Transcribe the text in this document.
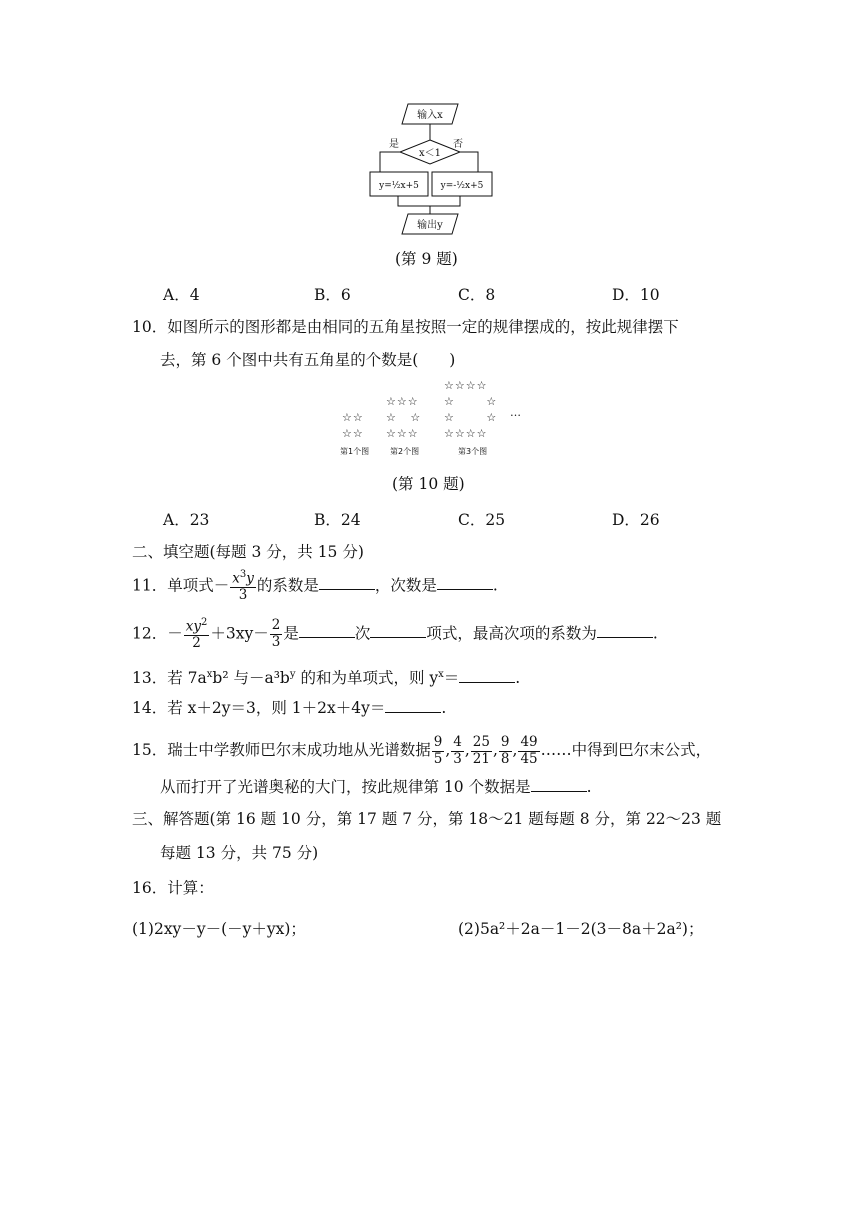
输入x
x＜1
是	否
y=½x+5 y=-½x+5
输出y
(第 9 题)
A．4	B．6	C．8	D．10
10．如图所示的图形都是由相同的五角星按照一定的规律摆成的，按此规律摆下
去，第 6 个图中共有五角星的个数是(　　)
☆☆
☆☆
☆☆☆
☆   ☆
☆☆☆
☆☆☆☆
☆       ☆
☆       ☆
☆☆☆☆
…
第1个图	第2个图	第3个图
(第 10 题)
A．23	B．24	C．25	D．26
二、填空题(每题 3 分，共 15 分)
11．单项式－ $\frac{x^3y}{3}$ 的系数是	，次数是	.
12．－ $\frac{xy^2}{2} +3xy- \frac{2}{3}$ 是	次	项式，最高次项的系数为	.
13．若 $7a^xb^2$ 与$-a^3b^y$ 的和为单项式，则 $y^x=$	.
14．若 x＋2y＝3，则 1＋2x＋4y＝	.
15．瑞士中学教师巴尔末成功地从光谱数据 $\frac{9}{5}$ , $\frac{4}{3}$ , $\frac{25}{21}$ , $\frac{9}{8}$ , $\frac{49}{45}$ ……中得到巴尔末公式，
从而打开了光谱奥秘的大门，按此规律第 10 个数据是	.
三、解答题(第 16 题 10 分，第 17 题 7 分，第 18～21 题每题 8 分，第 22～23 题
每题 13 分，共 75 分)
16．计算：
(1)2xy－y－(－y＋yx)；	(2)5a²＋2a－1－2(3－8a＋2a²)；
